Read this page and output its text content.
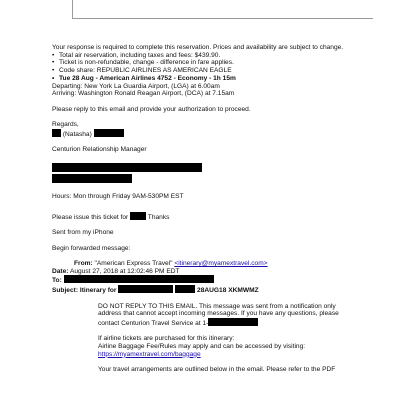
Your response is required to complete this reservation. Prices and availability are subject to change.

• Total air reservation, including taxes and fees: $439.90.
• Ticket is non-refundable, change - difference in fare applies.
• Code share: REPUBLIC AIRLINES AS AMERICAN EAGLE
• Tue 28 Aug - American Airlines 4752 - Economy - 1h 15m

Departing: New York La Guardia Airport, (LGA) at 6.00am

Arriving: Washington Ronald Reagan Airport, (DCA) at 7.15am

Please reply to this email and provide your authorization to proceed.

Regards,

(Natasha)

Centurion Relationship Manager

Hours: Mon through Friday 9AM-530PM EST

Please issue this ticket for	Thanks

Sent from my iPhone

Begin forwarded message:

From: "American Express Travel" <itinerary@myamextravel.com>

Date: August 27, 2018 at 12:02:46 PM EDT

To:

Subject: Itinerary for	28AUG18 XKMWMZ

DO NOT REPLY TO THIS EMAIL. This message was sent from a notification only

address that cannot accept incoming messages. If you have any questions, please

contact Centurion Travel Service at 1-

If airline tickets are purchased for this itinerary:

Airline Baggage Fee/Rules may apply and can be accessed by visiting:

https://myamextravel.com/baggage

Your travel arrangements are outlined below in the email. Please refer to the PDF
